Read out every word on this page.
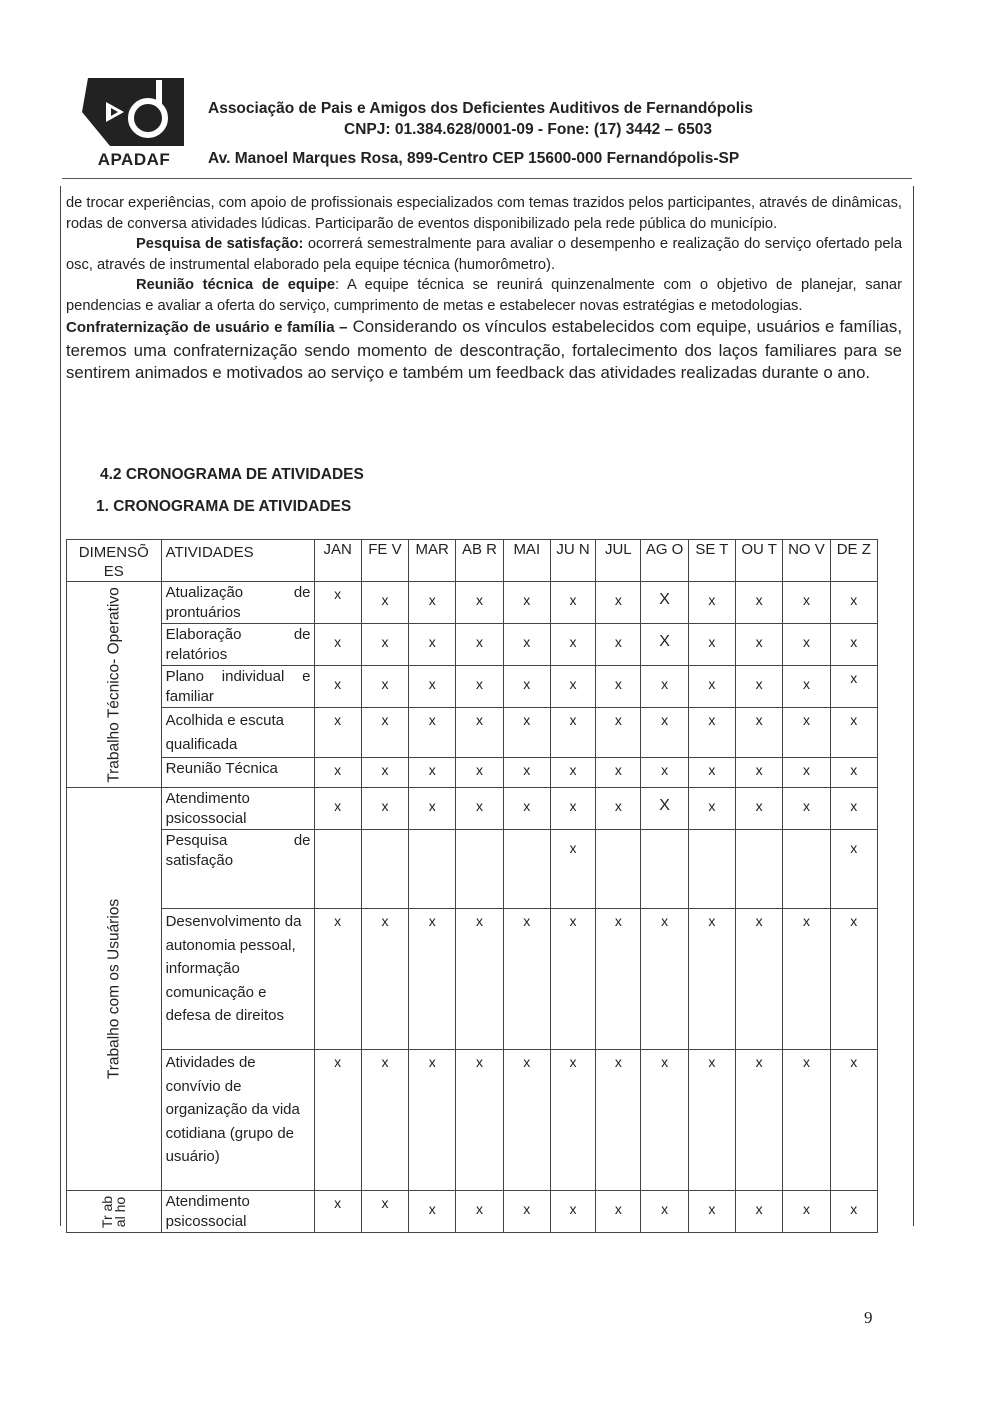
APADAF
Associação de Pais e Amigos dos Deficientes Auditivos de Fernandópolis
CNPJ: 01.384.628/0001-09 - Fone: (17) 3442 – 6503
Av. Manoel Marques Rosa, 899-Centro CEP 15600-000 Fernandópolis-SP
de trocar experiências, com apoio de profissionais especializados com temas trazidos pelos participantes, através de dinâmicas, rodas de conversa atividades lúdicas. Participarão de eventos disponibilizado pela rede pública do município.
Pesquisa de satisfação: ocorrerá semestralmente para avaliar o desempenho e realização do serviço ofertado pela osc, através de instrumental elaborado pela equipe técnica (humorômetro).
Reunião técnica de equipe: A equipe técnica se reunirá quinzenalmente com o objetivo de planejar, sanar pendencias e avaliar a oferta do serviço, cumprimento de metas e estabelecer novas estratégias e metodologias.
Confraternização de usuário e família – Considerando os vínculos estabelecidos com equipe, usuários e famílias, teremos uma confraternização sendo momento de descontração, fortalecimento dos laços familiares para se sentirem animados e motivados ao serviço e também um feedback das atividades realizadas durante o ano.
4.2 CRONOGRAMA DE ATIVIDADES
1. CRONOGRAMA DE ATIVIDADES
DIMENSÕ ES	ATIVIDADES	JAN	FE V	MAR	AB R	MAI	JU N	JUL	AG O	SE T	OU T	NO V	DE Z

Trabalho Técnico- Operativo	Atualização de prontuários	x	x	x	x	x	x	x	X	x	x	x	x
	Elaboração de relatórios	x	x	x	x	x	x	x	X	x	x	x	x
	Plano individual e familiar	x	x	x	x	x	x	x	x	x	x	x	x
	Acolhida e escuta qualificada	x	x	x	x	x	x	x	x	x	x	x	x
	Reunião Técnica	x	x	x	x	x	x	x	x	x	x	x	x

Trabalho com os Usuários	Atendimento psicossocial	x	x	x	x	x	x	x	X	x	x	x	x
	Pesquisa de satisfação						x						x
	Desenvolvimento da autonomia pessoal, informação comunicação e defesa de direitos	x	x	x	x	x	x	x	x	x	x	x	x
	Atividades de convívio de organização da vida cotidiana (grupo de usuário)	x	x	x	x	x	x	x	x	x	x	x	x

Tr ab al ho	Atendimento psicossocial	x	x	x	x	x	x	x	x	x	x	x	x
9
